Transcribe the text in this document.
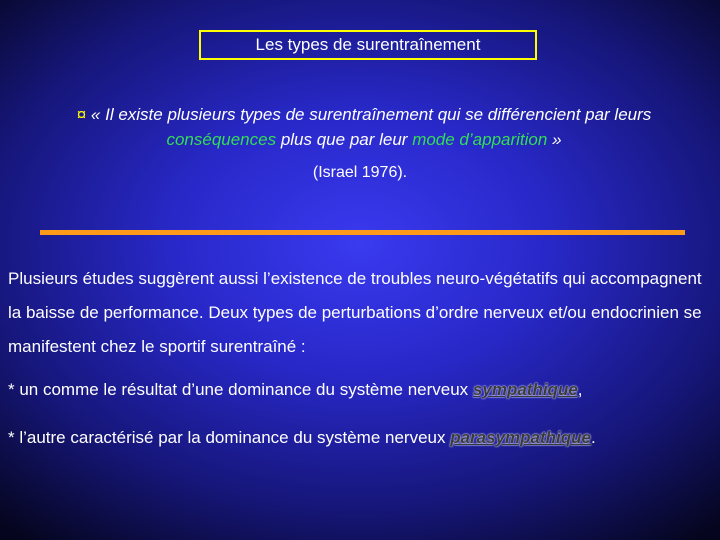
Les types de surentraînement
¤ « Il existe plusieurs types de surentraînement qui se différencient par leurs conséquences plus que par leur mode d’apparition »
(Israel 1976).
Plusieurs études suggèrent aussi l’existence de troubles neuro-végétatifs qui accompagnent la baisse de performance. Deux types de perturbations d’ordre nerveux et/ou endocrinien se manifestent chez le sportif surentraîné :
* un comme le résultat d’une dominance du système nerveux sympathique,
* l’autre caractérisé par la dominance du système nerveux parasympathique.
